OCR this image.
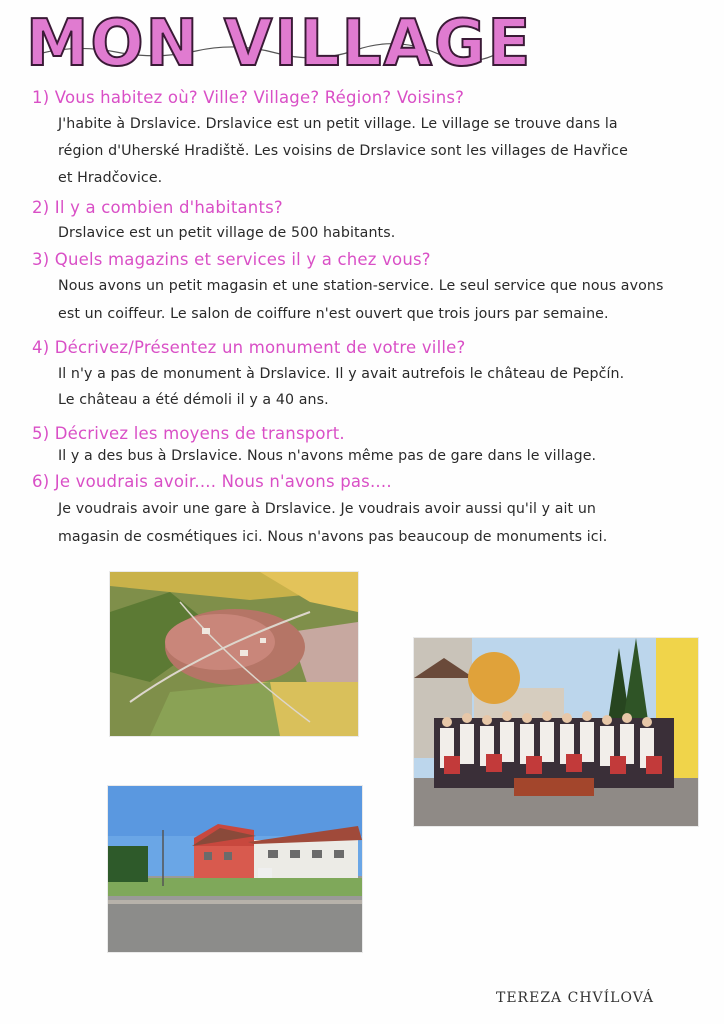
MON VILLAGE
1) Vous habitez où? Ville? Village? Région? Voisins?
J'habite à Drslavice. Drslavice est un petit village. Le village se trouve dans la
région d'Uherské Hradiště. Les voisins de Drslavice sont les villages de Havřice
et Hradčovice.
2) Il y a combien d'habitants?
Drslavice est un petit village de 500 habitants.
3) Quels magazins et services il y a chez vous?
Nous avons un petit magasin et une station-service. Le seul service que nous avons
est un coiffeur. Le salon de coiffure n'est ouvert que trois jours par semaine.
4) Décrivez/Présentez un monument de votre ville?
Il n'y a pas de monument à Drslavice. Il y avait autrefois le château de Pepčín.
Le château a été démoli il y a 40 ans.
5) Décrivez les moyens de transport.
Il y a des bus à Drslavice. Nous n'avons même pas de gare dans le village.
6) Je voudrais avoir.... Nous n'avons pas....
Je voudrais avoir une gare à Drslavice. Je voudrais avoir aussi qu'il y ait un
magasin de cosmétiques ici. Nous n'avons pas beaucoup de monuments ici.
TEREZA CHVÍLOVÁ
